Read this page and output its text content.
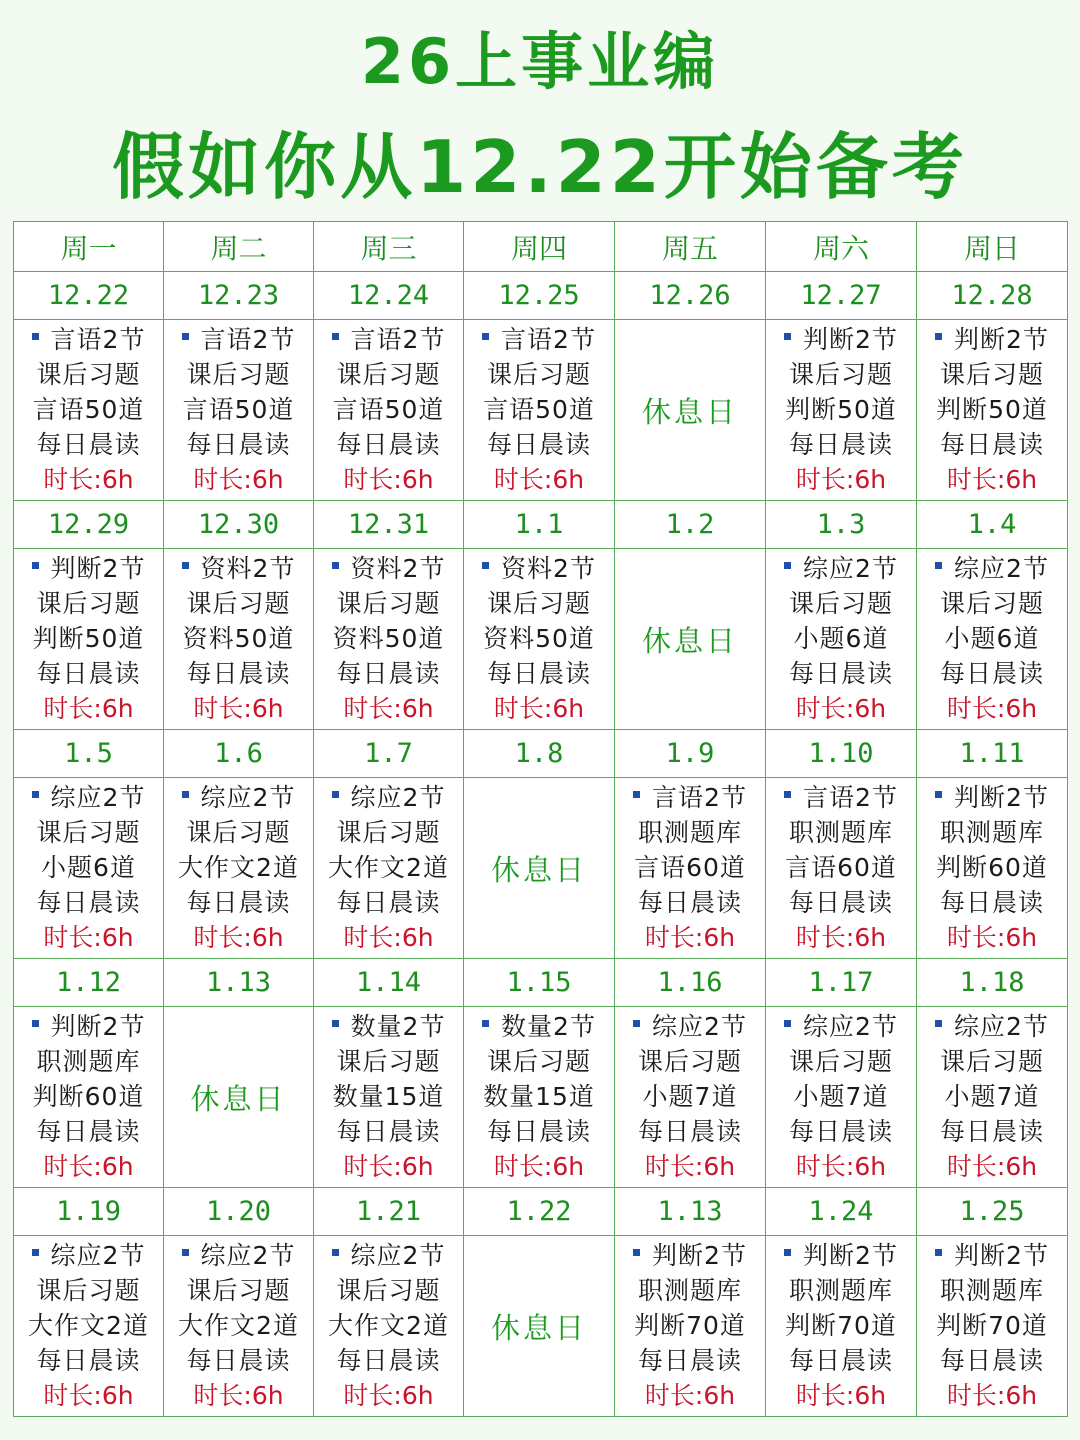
26上事业编
假如你从12.22开始备考
周一	周二	周三	周四	周五	周六	周日
12.22	12.23	12.24	12.25	12.26	12.27	12.28

言语2节
课后习题
言语50道
每日晨读
时长:6h	言语2节
课后习题
言语50道
每日晨读
时长:6h	言语2节
课后习题
言语50道
每日晨读
时长:6h	言语2节
课后习题
言语50道
每日晨读
时长:6h	休息日	判断2节
课后习题
判断50道
每日晨读
时长:6h	判断2节
课后习题
判断50道
每日晨读
时长:6h

12.29	12.30	12.31	1.1	1.2	1.3	1.4

判断2节
课后习题
判断50道
每日晨读
时长:6h	资料2节
课后习题
资料50道
每日晨读
时长:6h	资料2节
课后习题
资料50道
每日晨读
时长:6h	资料2节
课后习题
资料50道
每日晨读
时长:6h	休息日	综应2节
课后习题
小题6道
每日晨读
时长:6h	综应2节
课后习题
小题6道
每日晨读
时长:6h

1.5	1.6	1.7	1.8	1.9	1.10	1.11

综应2节
课后习题
小题6道
每日晨读
时长:6h	综应2节
课后习题
大作文2道
每日晨读
时长:6h	综应2节
课后习题
大作文2道
每日晨读
时长:6h	休息日	言语2节
职测题库
言语60道
每日晨读
时长:6h	言语2节
职测题库
言语60道
每日晨读
时长:6h	判断2节
职测题库
判断60道
每日晨读
时长:6h

1.12	1.13	1.14	1.15	1.16	1.17	1.18

判断2节
职测题库
判断60道
每日晨读
时长:6h	休息日	数量2节
课后习题
数量15道
每日晨读
时长:6h	数量2节
课后习题
数量15道
每日晨读
时长:6h	综应2节
课后习题
小题7道
每日晨读
时长:6h	综应2节
课后习题
小题7道
每日晨读
时长:6h	综应2节
课后习题
小题7道
每日晨读
时长:6h

1.19	1.20	1.21	1.22	1.13	1.24	1.25

综应2节
课后习题
大作文2道
每日晨读
时长:6h	综应2节
课后习题
大作文2道
每日晨读
时长:6h	综应2节
课后习题
大作文2道
每日晨读
时长:6h	休息日	判断2节
职测题库
判断70道
每日晨读
时长:6h	判断2节
职测题库
判断70道
每日晨读
时长:6h	判断2节
职测题库
判断70道
每日晨读
时长:6h
